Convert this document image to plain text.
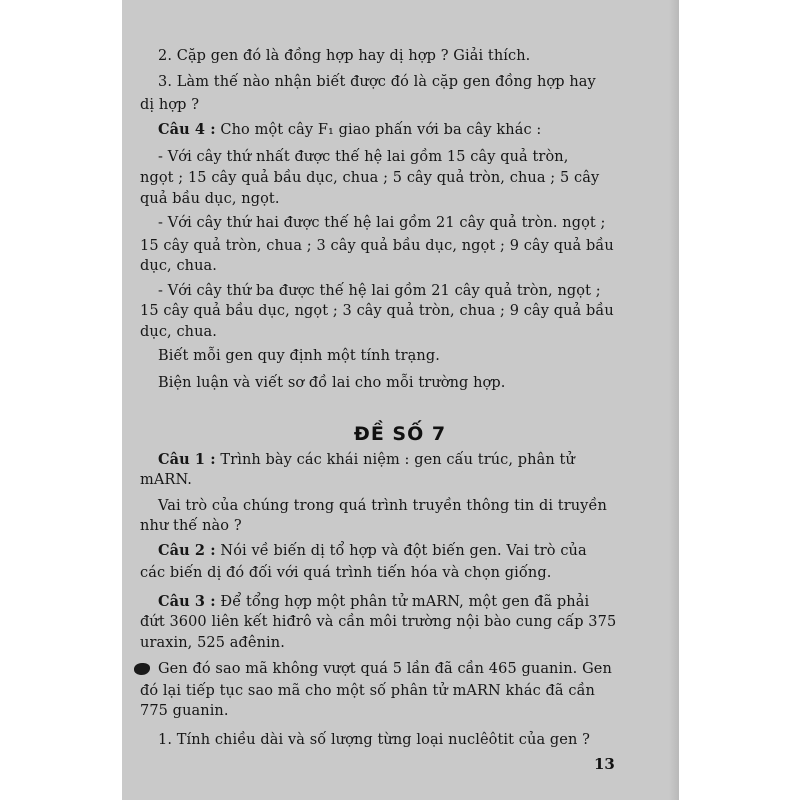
2. Cặp gen đó là đồng hợp hay dị hợp ? Giải thích.
3. Làm thế nào nhận biết được đó là cặp gen đồng hợp hay
dị hợp ?
Câu 4 : Cho một cây F₁ giao phấn với ba cây khác :
- Với cây thứ nhất được thế hệ lai gồm 15 cây quả tròn,
ngọt ; 15 cây quả bầu dục, chua ; 5 cây quả tròn, chua ; 5 cây
quả bầu dục, ngọt.
- Với cây thứ hai được thế hệ lai gồm 21 cây quả tròn. ngọt ;
15 cây quả tròn, chua ; 3 cây quả bầu dục, ngọt ; 9 cây quả bầu
dục, chua.
- Với cây thứ ba được thế hệ lai gồm 21 cây quả tròn, ngọt ;
15 cây quả bầu dục, ngọt ; 3 cây quả tròn, chua ; 9 cây quả bầu
dục, chua.
Biết mỗi gen quy định một tính trạng.
Biện luận và viết sơ đồ lai cho mỗi trường hợp.
ĐỀ SỐ 7
Câu 1 : Trình bày các khái niệm : gen cấu trúc, phân tử
mARN.
Vai trò của chúng trong quá trình truyền thông tin di truyền
như thế nào ?
Câu 2 : Nói về biến dị tổ hợp và đột biến gen. Vai trò của
các biến dị đó đối với quá trình tiến hóa và chọn giống.
Câu 3 : Để tổng hợp một phân tử mARN, một gen đã phải
đứt 3600 liên kết hiđrô và cần môi trường nội bào cung cấp 375
uraxin, 525 ađênin.
Gen đó sao mã không vượt quá 5 lần đã cần 465 guanin. Gen
đó lại tiếp tục sao mã cho một số phân tử mARN khác đã cần
775 guanin.
1. Tính chiều dài và số lượng từng loại nuclêôtit của gen ?
13
